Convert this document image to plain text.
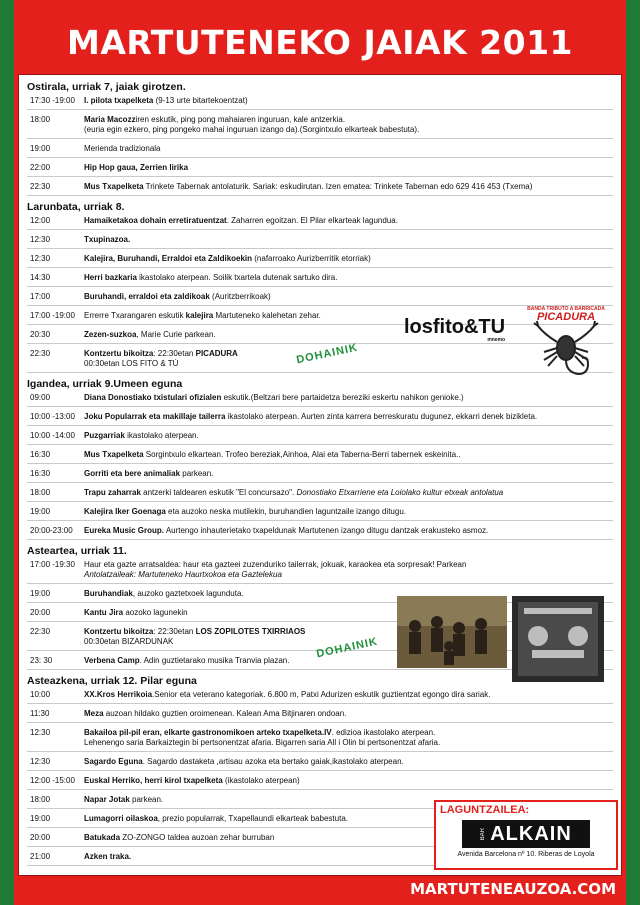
MARTUTENEKO JAIAK 2011
Ostirala, urriak 7, jaiak girotzen.
17:30 -19:00	I. pilota txapelketa (9-13 urte bitartekoentzat)
18:00	Maria Macozziren eskutik, ping pong mahaiaren inguruan, kale antzerkia.
(euria egin ezkero, ping pongeko mahai inguruan izango da).(Sorgintxulo elkarteak babestuta).
19:00	Merienda tradizionala
22:00	Hip Hop gaua, Zerrien lirika
22:30	Mus Txapelketa Trinkete Tabernak antolaturik. Sariak: eskudirutan. Izen ematea: Trinkete Tabernan edo 629 416 453 (Txema)
Larunbata, urriak 8.
12:00	Hamaiketakoa dohain erretiratuentzat. Zaharren egoitzan. El Pilar elkarteak lagundua.
12:30	Txupinazoa.
12:30	Kalejira, Buruhandi, Erraldoi eta Zaldikoekin (nafarroako Aurizberritik etorriak)
14:30	Herri bazkaria ikastolako aterpean. Soilik txartela dutenak sartuko dira.
17:00	Buruhandi, erraldoi eta zaldikoak (Auritzberrikoak)
17:00 -19:00	Errerre Txarangaren eskutik kalejira Martuteneko kalehetan zehar.
20:30	Zezen-suzkoa, Marie Curie parkean.
22:30	Kontzertu bikoitza: 22:30etan PICADURA
00:30etan LOS FITO & TÚ
Igandea, urriak 9.Umeen eguna
09:00	Diana Donostiako txistulari ofizialen eskutik.(Beltzari bere partaidetza bereziki eskertu nahikon genioke.)
10:00 -13:00	Joku Popularrak eta makillaje tailerra ikastolako aterpean. Aurten zinta karrera berreskuratu dugunez, ekkarri denek bizikleta.
10:00 -14:00	Puzgarriak ikastolako aterpean.
16:30	Mus Txapelketa Sorgintxulo elkartean. Trofeo bereziak,Ainhoa, Alai eta Taberna-Berri tabernek eskeinita..
16:30	Gorriti eta bere animaliak parkean.
18:00	Trapu zaharrak antzerki taldearen eskutik "El concursazo". Donostiako Etxarriene eta Loiolako kultur etxeak antolatua
19:00	Kalejira Iker Goenaga eta auzoko neska mutilekin, buruhandien laguntzaile izango ditugu.
20:00-23:00	Eureka Music Group. Aurtengo inhauterietako txapeldunak Martutenen izango ditugu dantzak erakusteko asmoz.
Astearte​a, urriak 11.
17:00 -19:30	Haur eta gazte arratsaldea: haur eta gazteei zuzenduriko tailerrak, jokuak, karaokea eta sorpresak! Parkean
Antolatzaileak: Martuteneko Haurtxokoa eta Gaztelekua
19:00	Buruhandiak, auzoko gaztetxoek lagunduta.
20:00	Kantu Jira aozoko lagunekin
22:30	Kontzertu bikoitza: 22:30etan LOS ZOPILOTES TXIRRIAOS
00:30etan BIZARDUNAK
23: 30	Verbena Camp. Adin guztietarako musika Tranvia plazan.
Asteazkena, urriak 12. Pilar eguna
10:00	XX.Kros Herrikoia.Senior eta veterano kategoriak. 6.800 m, Patxi Adurizen eskutik guztientzat egongo dira sariak.
11:30	Meza auzoan hildako guztien oroimenean. Kalean Ama Bitjinaren ondoan.
12:30	Bakailoa pil-pil eran, elkarte gastronomikoen arteko txapelketa.IV. edizioa ikastolako aterpean.
Lehenengo saria Barkaiztegin bi pertsonentzat afaria. Bigarren saria All i Olin bi pertsonentzat afaria.
12:30	Sagardo Eguna. Sagardo dastaketa ,artisau azoka eta bertako gaiak,ikastolako aterpean.
12:00 -15:00	Euskal Herriko, herri kirol txapelketa (ikastolako aterpean)
18:00	Napar Jotak parkean.
19:00	Lumagorri oilaskoa, prezio popularrak, Txapellaundi elkarteak babestuta.
20:00	Batukada ZO-ZONGO taldea auzoan zehar burruban
21:00	Azken traka.
losfito&TU
mnemo
BANDA TRIBUTO A BARRICADA
PICADURA
DOHAINIK
DOHAINIK
LAGUNTZAILEA:
BAR ALKAIN
Avenida Barcelona nº 10. Riberas de Loyola
MARTUTENEAUZOA.COM
